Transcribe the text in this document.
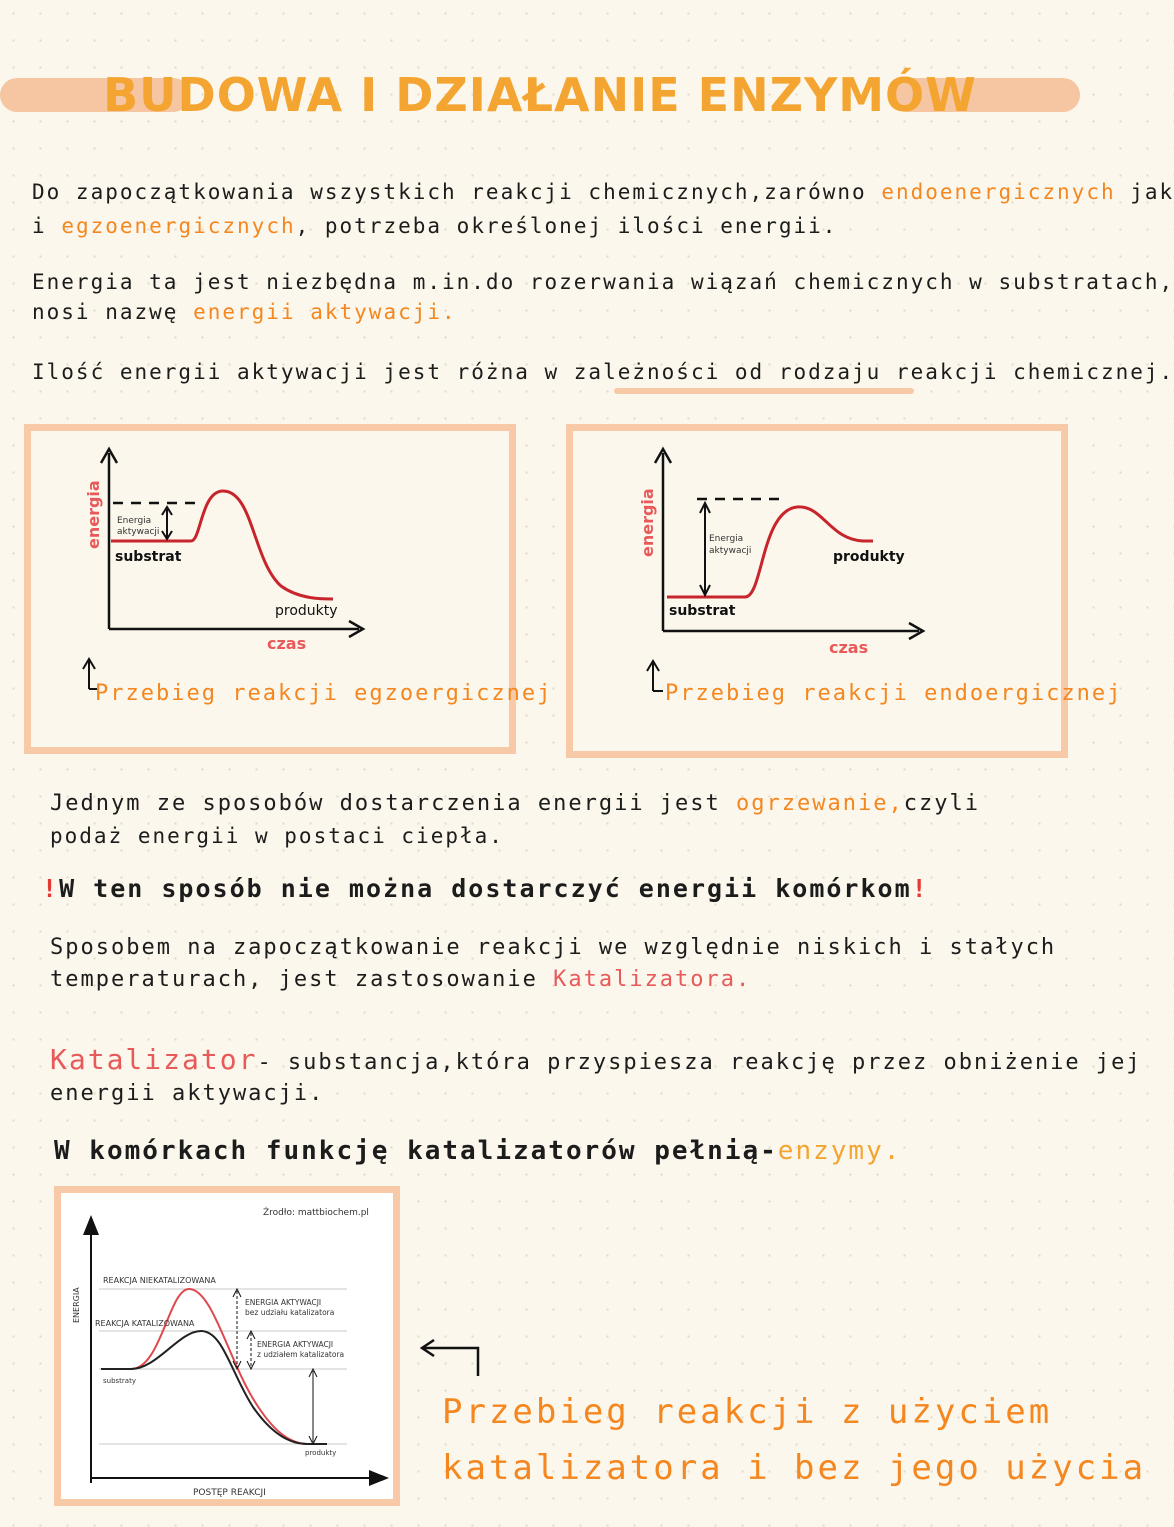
BUDOWA I DZIAŁANIE ENZYMÓW
Do zapoczątkowania wszystkich reakcji chemicznych,zarówno endoenergicznych jak
i egzoenergicznych, potrzeba określonej ilości energii.
Energia ta jest niezbędna m.in.do rozerwania wiązań chemicznych w substratach,
nosi nazwę energii aktywacji.
Ilość energii aktywacji jest różna w zależności od rodzaju reakcji chemicznej.
energia
czas
Energia
aktywacji
substrat
produkty
Przebieg reakcji egzoergicznej
energia
czas
Energia
aktywacji
substrat
produkty
Przebieg reakcji endoergicznej
Jednym ze sposobów dostarczenia energii jest ogrzewanie,czyli
podaż energii w postaci ciepła.
!W ten sposób nie można dostarczyć energii komórkom!
Sposobem na zapoczątkowanie reakcji we względnie niskich i stałych
temperaturach, jest zastosowanie Katalizatora.
Katalizator- substancja,która przyspiesza reakcję przez obniżenie jej
energii aktywacji.
W komórkach funkcję katalizatorów pełnią-enzymy.
Źrodło: mattbiochem.pl
ENERGIA
POSTĘP REAKCJI
REAKCJA NIEKATALIZOWANA
REAKCJA KATALIZOWANA
ENERGIA AKTYWACJI
bez udziału katalizatora
ENERGIA AKTYWACJI
z udziałem katalizatora
substraty
produkty
Przebieg reakcji z użyciem
katalizatora i bez jego użycia
